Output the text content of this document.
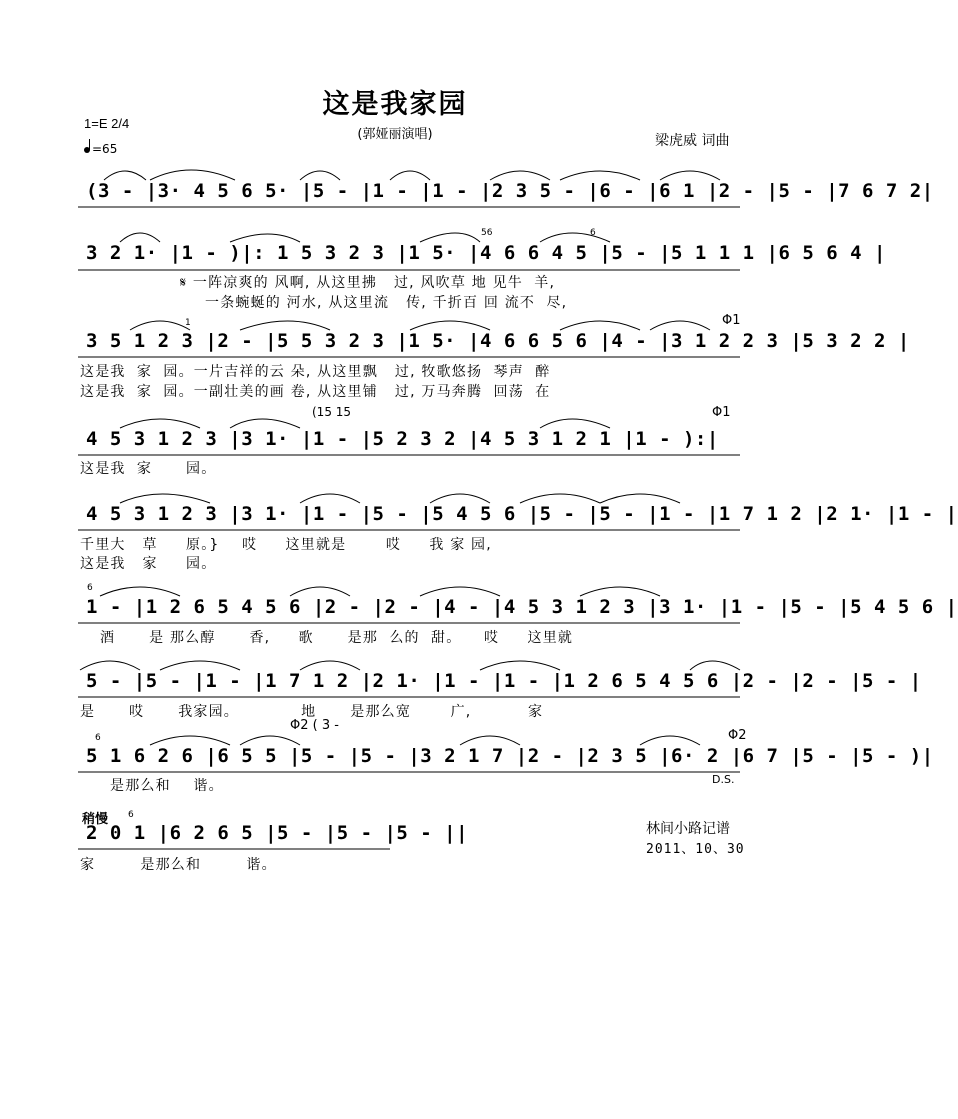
这是我家园
(郭娅丽演唱)	梁虎威 词曲
1=E 2/4
=65
(3 - |3· 4 5 6 5· |5 - |1 - |1 - |2 3 5 - |6 - |6 1 |2 - |5 - |7 6 7 2|
3 2 1· |1 - )|: 1 5 3 2 3 |1 5· |4 6 6 4 5 |5 - |5 1 1 1 |6 5 6 4 |
𝄋 一阵凉爽的 风啊, 从这里拂   过, 风吹草 地 见牛  羊,
一条蜿蜒的 河水, 从这里流   传, 千折百 回 流不  尽,
3 5 1 2 3 |2 - |5 5 3 2 3 |1 5· |4 6 6 5 6 |4 - |3 1 2 2 3 |5 3 2 2 |
这是我  家  园。一片吉祥的云 朵, 从这里飘   过, 牧歌悠扬  琴声  醉
这是我  家  园。一副壮美的画 卷, 从这里铺   过, 万马奔腾  回荡  在
4 5 3 1 2 3 |3 1· |1 - |5 2 3 2 |4 5 3 1 2 1 |1 - ):|
这是我  家      园。
4 5 3 1 2 3 |3 1· |1 - |5 - |5 4 5 6 |5 - |5 - |1 - |1 7 1 2 |2 1· |1 - |
千里大   草     原。}    哎     这里就是       哎     我 家 园,
这是我   家     园。
1 - |1 2 6 5 4 5 6 |2 - |2 - |4 - |4 5 3 1 2 3 |3 1· |1 - |5 - |5 4 5 6 |
酒      是 那么醇      香,     歌      是那  么的  甜。    哎     这里就
5 - |5 - |1 - |1 7 1 2 |2 1· |1 - |1 - |1 2 6 5 4 5 6 |2 - |2 - |5 - |
是      哎      我家园。           地      是那么宽       广,          家
5 1 6 2 6 |6 5 5 |5 - |5 - |3 2 1 7 |2 - |2 3 5 |6· 2 |6 7 |5 - |5 - )|
是那么和    谐。
稍慢
2 0 1 |6 2 6 5 |5 - |5 - |5 - ||
家        是那么和        谐。
林间小路记谱
2011、10、30
(15 15
Φ1
Φ1
Φ2 ( 3 -
Φ2
D.S.
56	6
1
6
6
6
